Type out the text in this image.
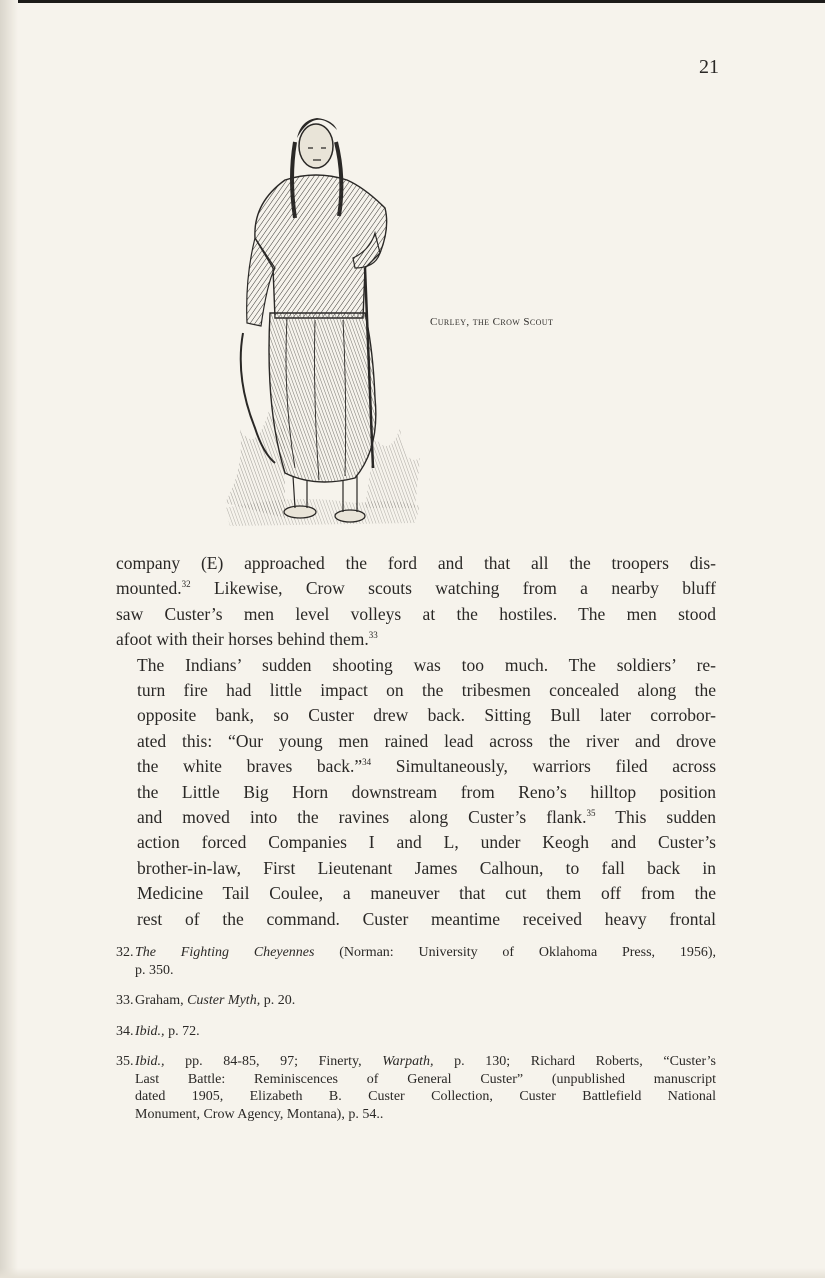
21
Curley, the Crow Scout

company (E) approached the ford and that all the troopers dis-
mounted.$^{32}$ Likewise, Crow scouts watching from a nearby bluff
saw Custer’s men level volleys at the hostiles. The men stood
afoot with their horses behind them.$^{33}$

The Indians’ sudden shooting was too much. The soldiers’ re-
turn fire had little impact on the tribesmen concealed along the
opposite bank, so Custer drew back. Sitting Bull later corrobor-
ated this: “Our young men rained lead across the river and drove
the white braves back.”$^{34}$ Simultaneously, warriors filed across
the Little Big Horn downstream from Reno’s hilltop position
and moved into the ravines along Custer’s flank.$^{35}$ This sudden
action forced Companies I and L, under Keogh and Custer’s
brother-in-law, First Lieutenant James Calhoun, to fall back in
Medicine Tail Coulee, a maneuver that cut them off from the
rest of the command. Custer meantime received heavy frontal

32. The Fighting Cheyennes (Norman: University of Oklahoma Press, 1956),
p. 350.
33. Graham, Custer Myth, p. 20.
34. Ibid., p. 72.
35. Ibid., pp. 84-85, 97; Finerty, Warpath, p. 130; Richard Roberts, “Custer’s
Last Battle: Reminiscences of General Custer” (unpublished manuscript
dated 1905, Elizabeth B. Custer Collection, Custer Battlefield National
Monument, Crow Agency, Montana), p. 54..
